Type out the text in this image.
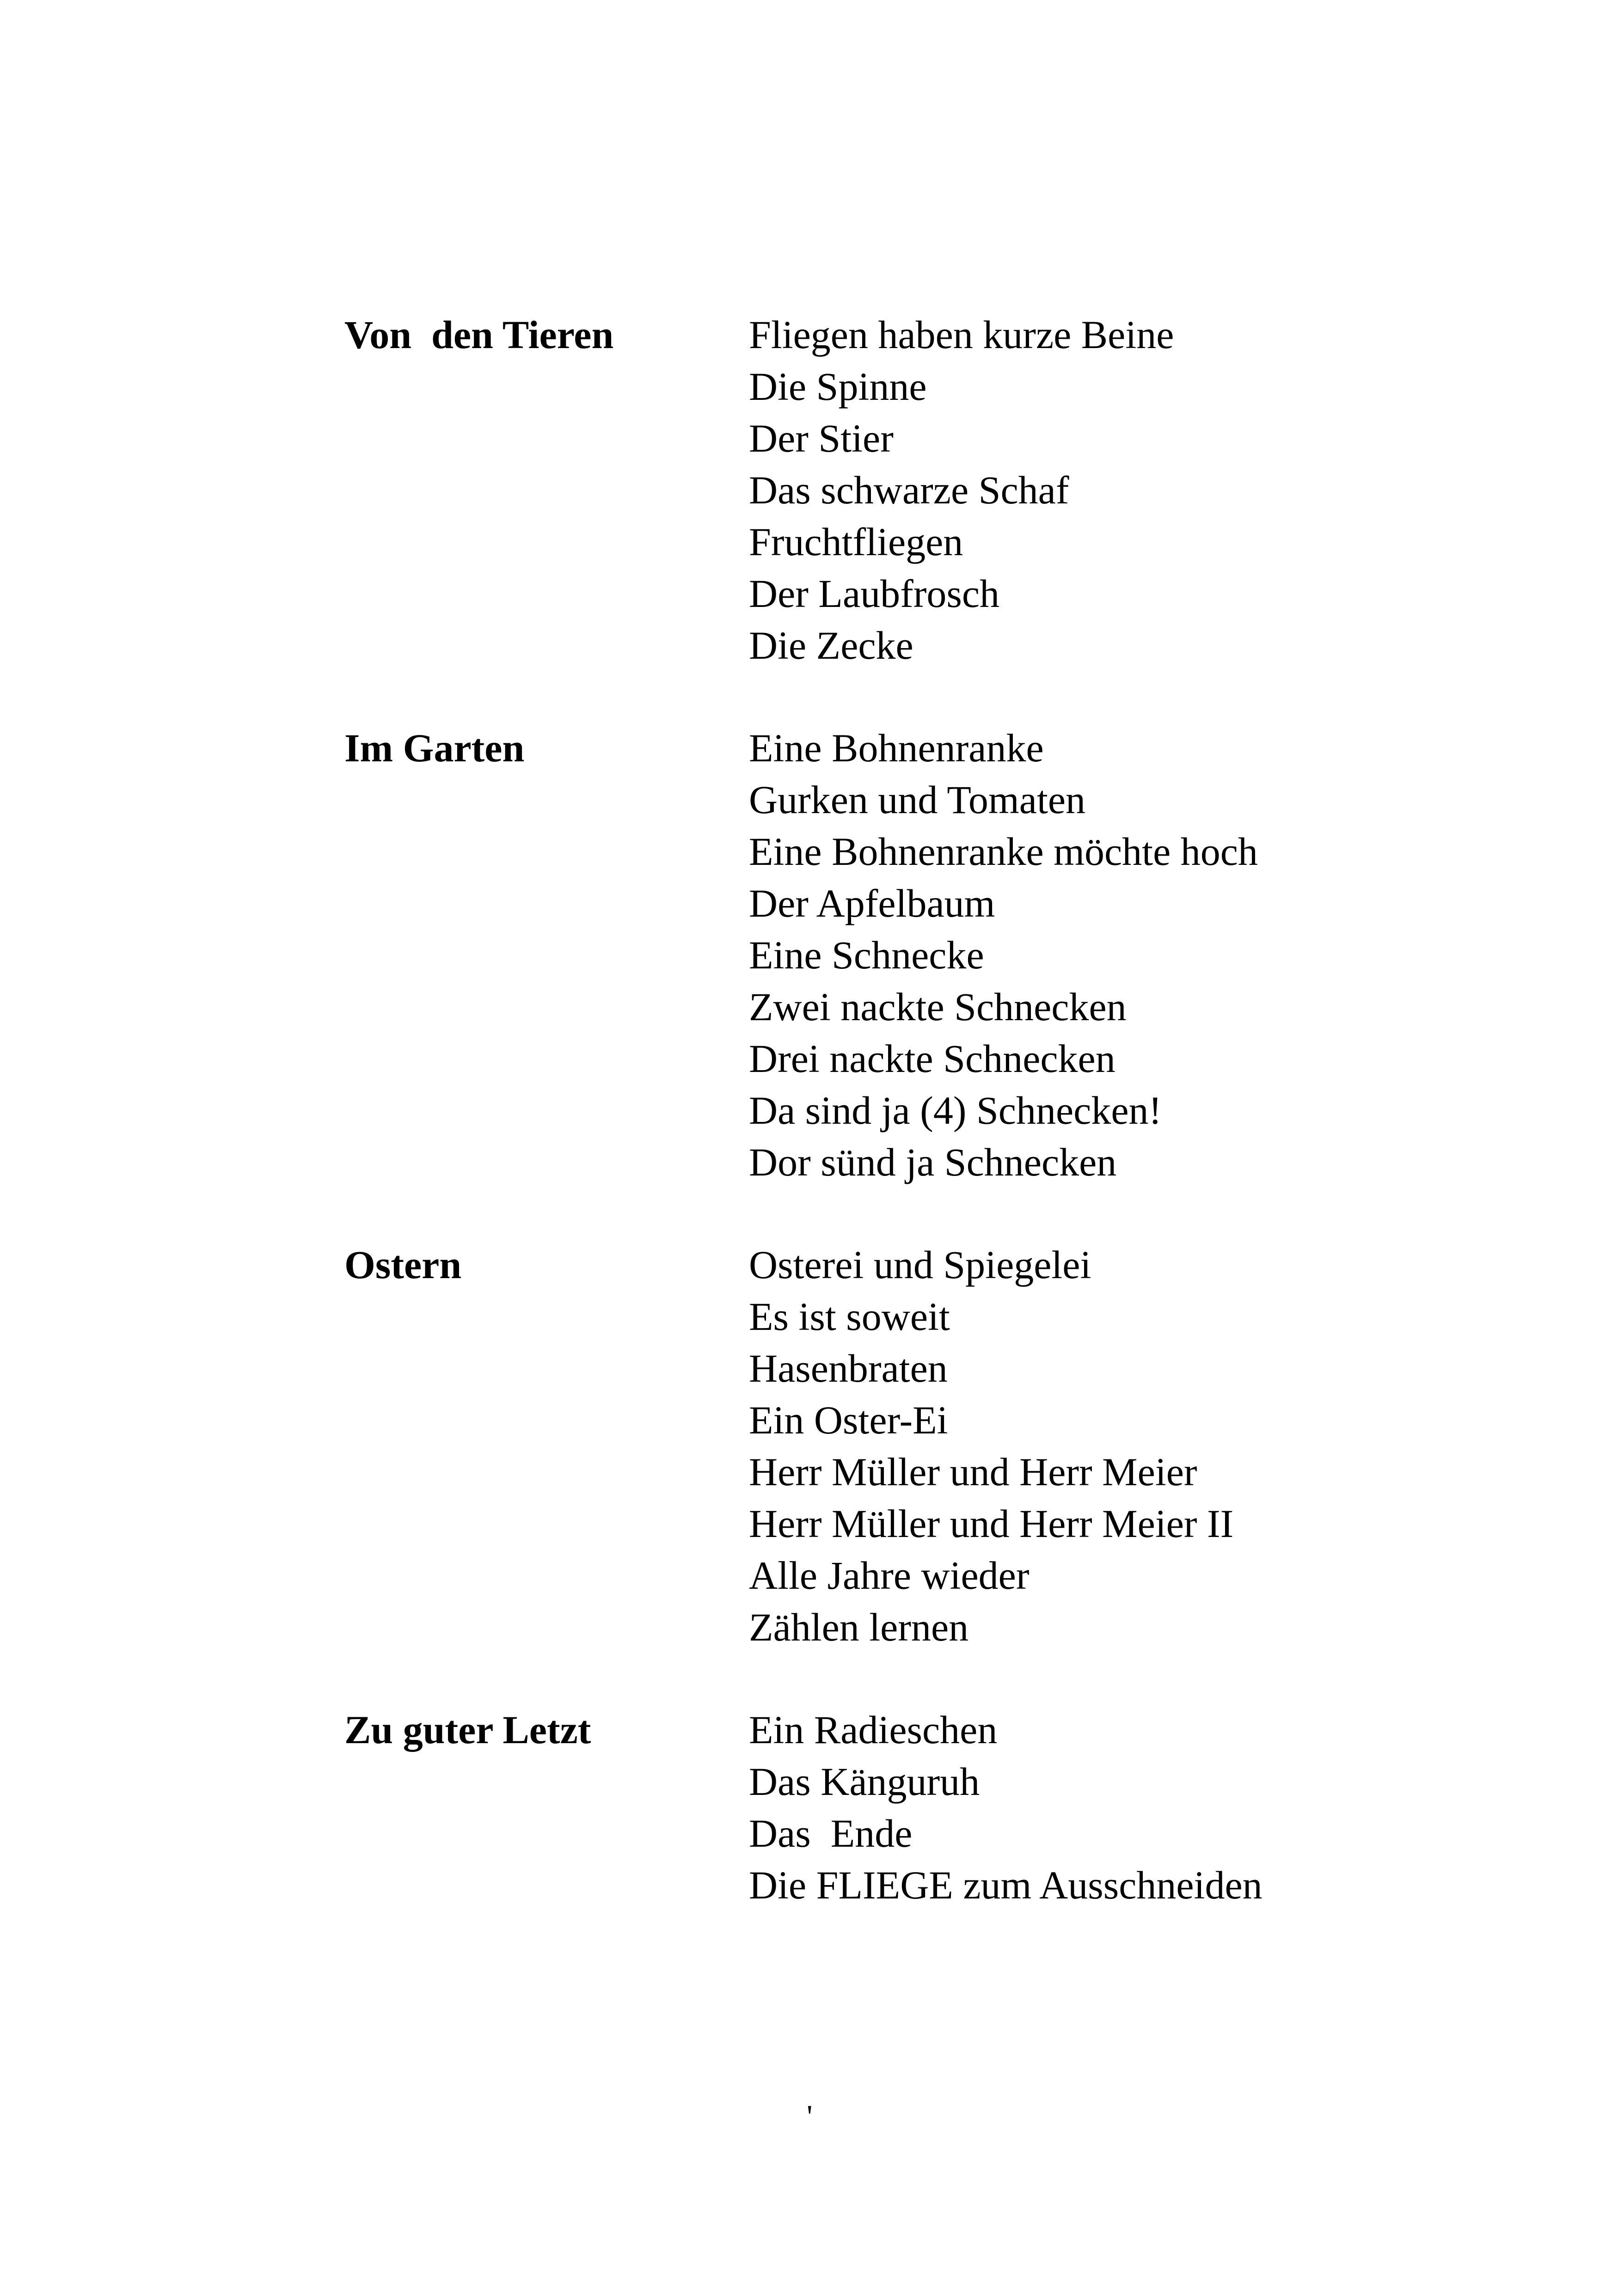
Von  den Tieren	Fliegen haben kurze Beine
Die Spinne
Der Stier
Das schwarze Schaf
Fruchtfliegen
Der Laubfrosch
Die Zecke
Im Garten	Eine Bohnenranke
Gurken und Tomaten
Eine Bohnenranke möchte hoch
Der Apfelbaum
Eine Schnecke
Zwei nackte Schnecken
Drei nackte Schnecken
Da sind ja (4) Schnecken!
Dor sünd ja Schnecken
Ostern	Osterei und Spiegelei
Es ist soweit
Hasenbraten
Ein Oster-Ei
Herr Müller und Herr Meier
Herr Müller und Herr Meier II
Alle Jahre wieder
Zählen lernen
Zu guter Letzt	Ein Radieschen
Das Känguruh
Das  Ende
Die FLIEGE zum Ausschneiden
'
